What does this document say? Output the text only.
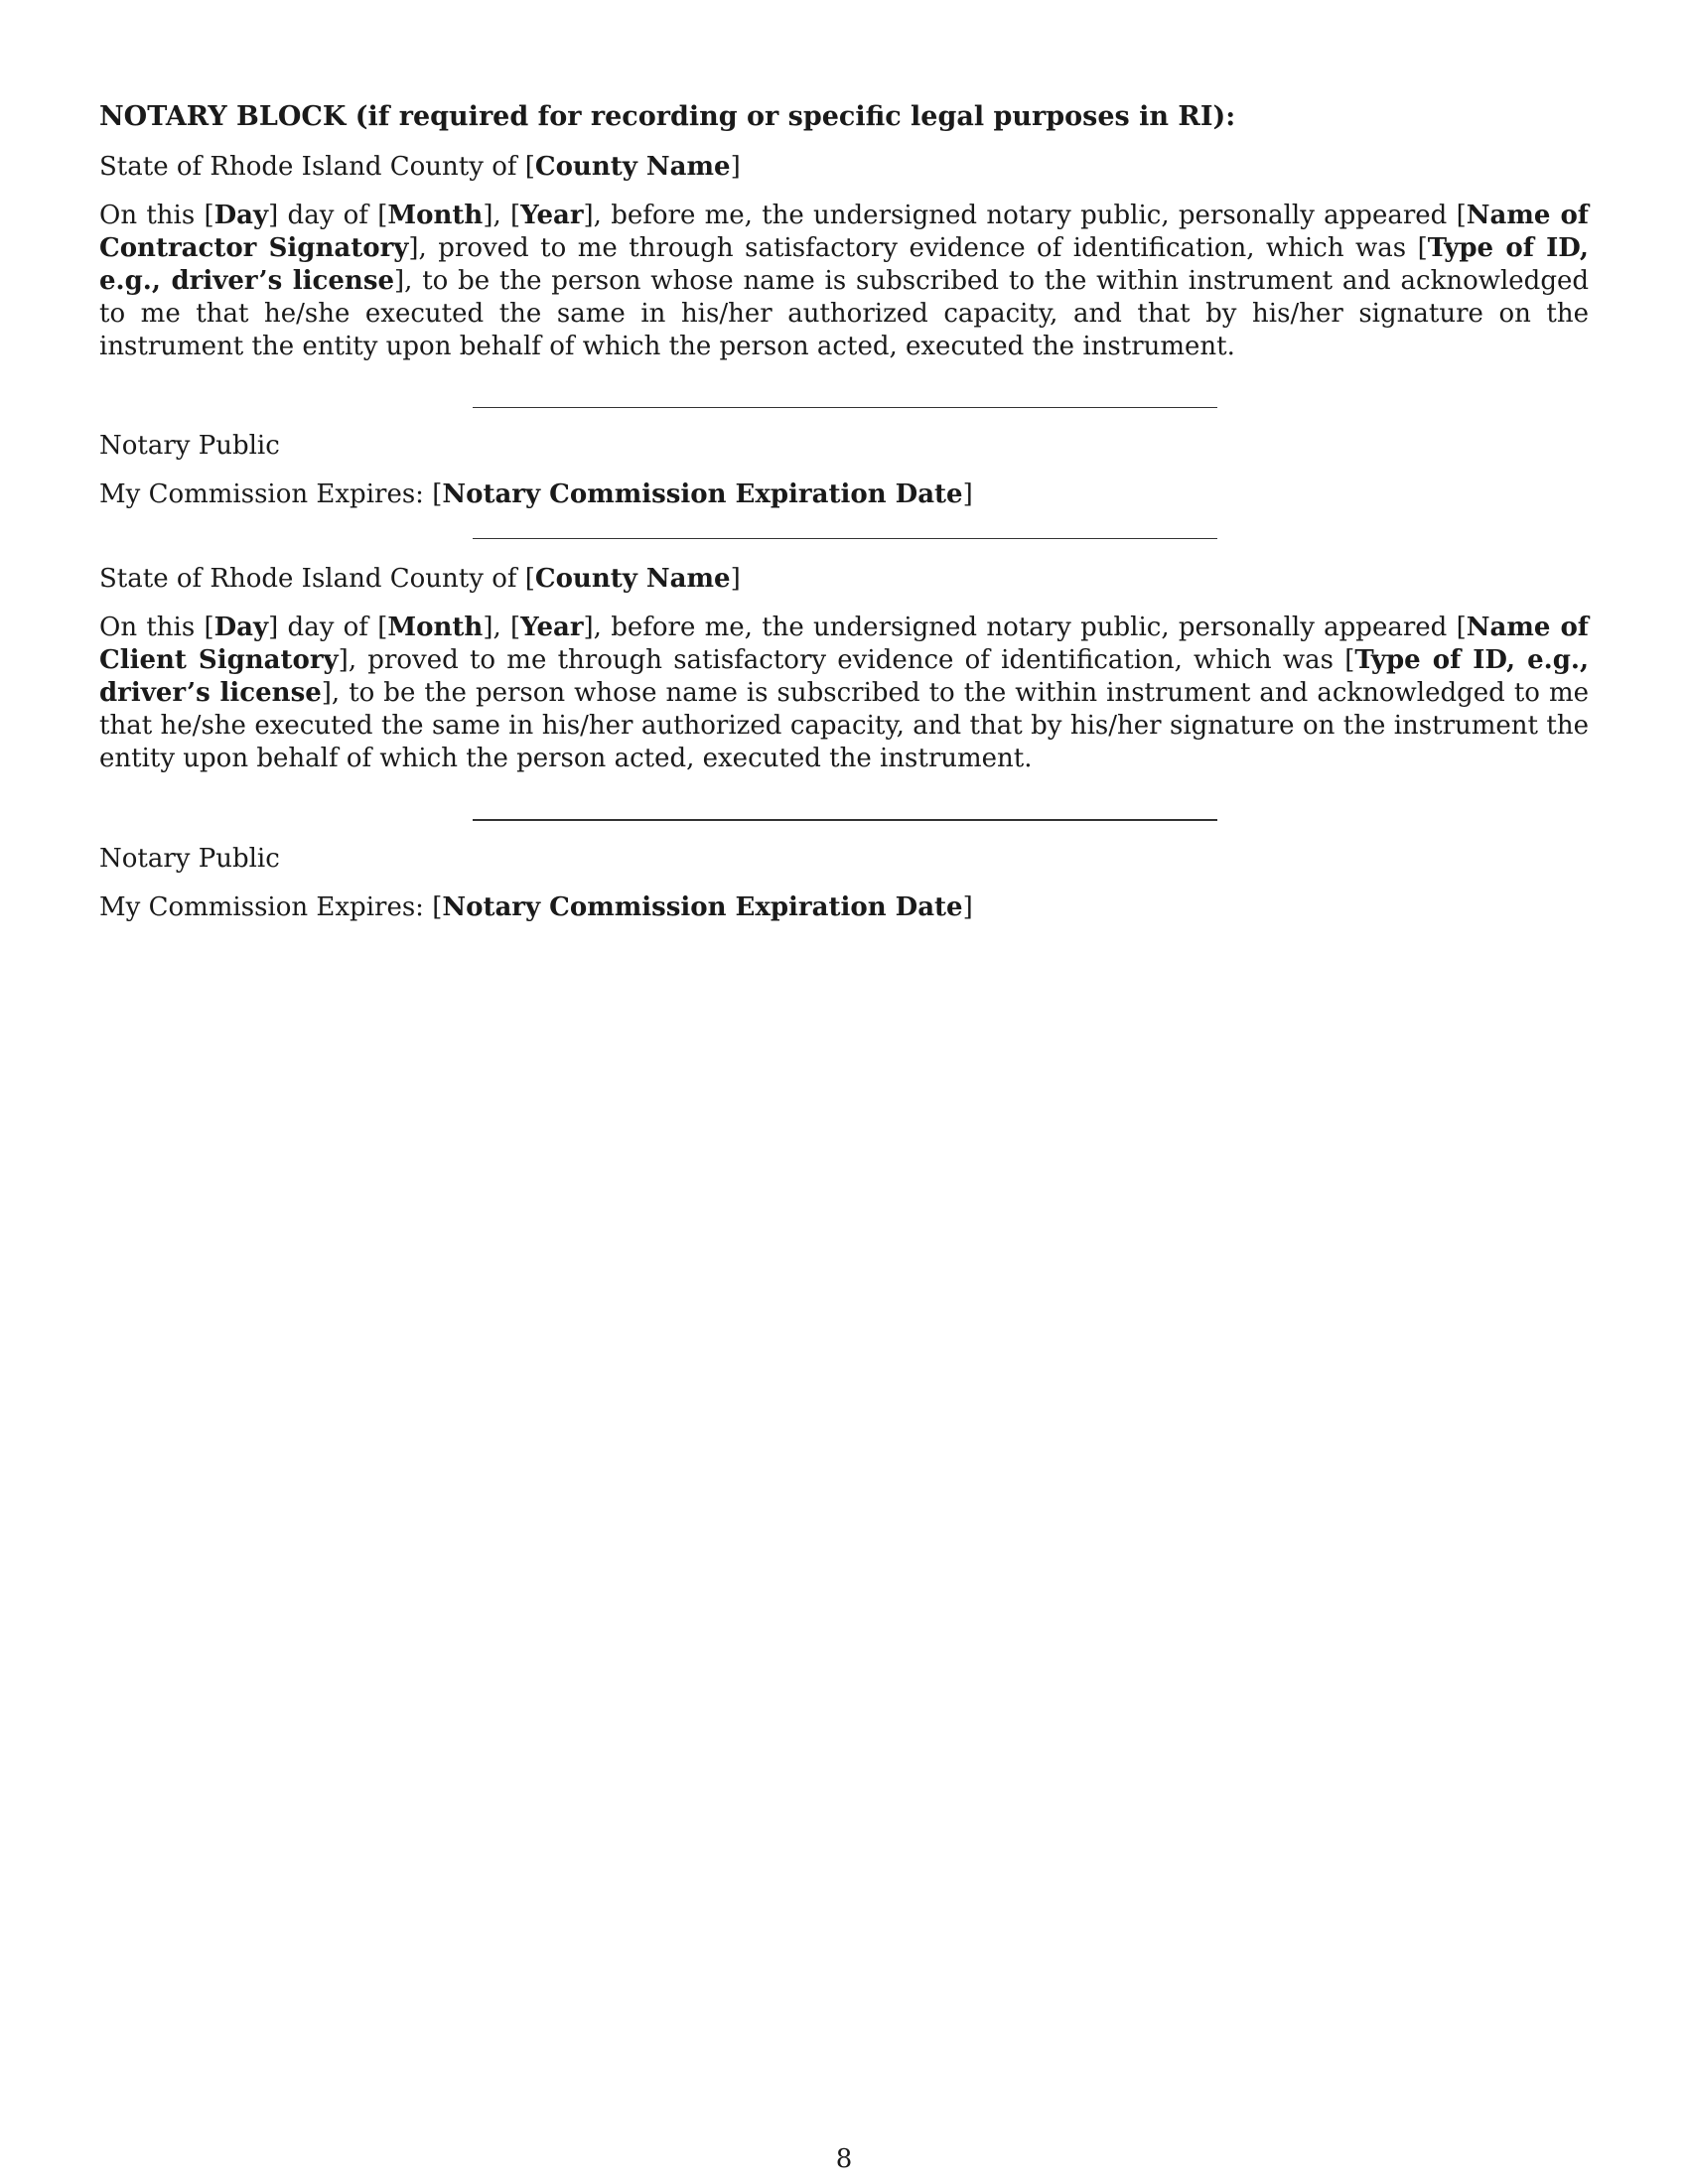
NOTARY BLOCK (if required for recording or specific legal purposes in RI):
State of Rhode Island County of [County Name]

On this [Day] day of [Month], [Year], before me, the undersigned notary public, personally appeared [Name of Contractor Signatory], proved to me through satisfactory evidence of identification, which was [Type of ID, e.g., driver’s license], to be the person whose name is subscribed to the within instrument and acknowledged to me that he/she executed the same in his/her authorized capacity, and that by his/her signature on the instrument the entity upon behalf of which the person acted, executed the instrument.

Notary Public
My Commission Expires: [Notary Commission Expiration Date]
State of Rhode Island County of [County Name]

On this [Day] day of [Month], [Year], before me, the undersigned notary public, personally appeared [Name of Client Signatory], proved to me through satisfactory evidence of identification, which was [Type of ID, e.g., driver’s license], to be the person whose name is subscribed to the within instrument and acknowledged to me that he/she executed the same in his/her authorized capacity, and that by his/her signature on the instrument the entity upon behalf of which the person acted, executed the instrument.

Notary Public
My Commission Expires: [Notary Commission Expiration Date]
8
